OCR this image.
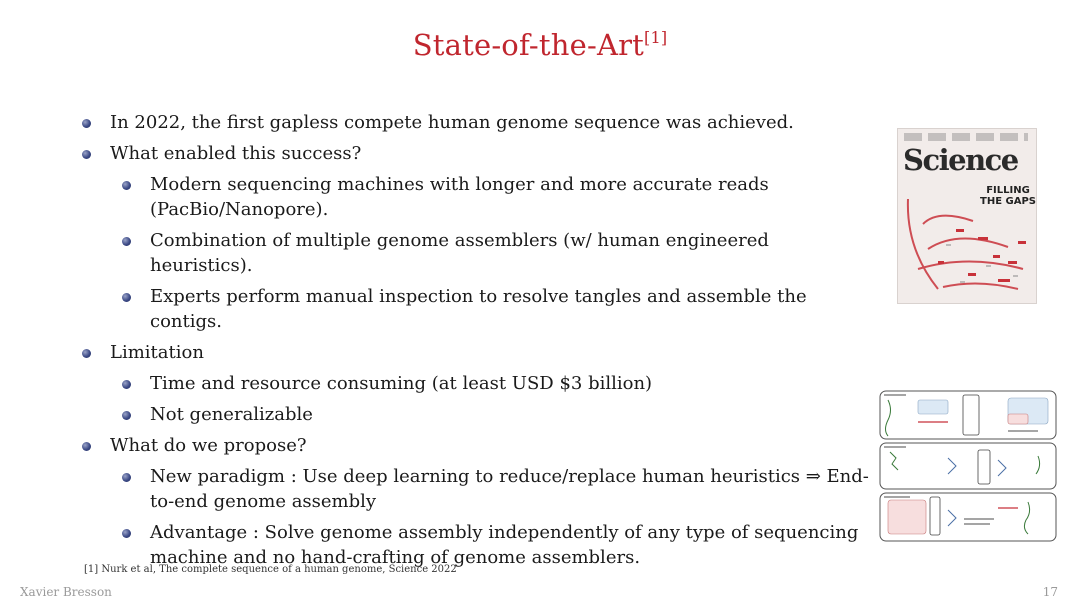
State-of-the-Art[1]
In 2022, the first gapless compete human genome sequence was achieved.
What enabled this success?
Modern sequencing machines with longer and more accurate reads (PacBio/Nanopore).
Combination of multiple genome assemblers (w/ human engineered heuristics).
Experts perform manual inspection to resolve tangles and assemble the contigs.
Limitation
Time and resource consuming (at least USD $3 billion)
Not generalizable
What do we propose?
New paradigm : Use deep learning to reduce/replace human heuristics ⇒ End-to-end genome assembly
Advantage : Solve genome assembly independently of any type of sequencing machine and no hand-crafting of genome assemblers.
Science
FILLING
THE GAPS
[1] Nurk et al, The complete sequence of a human genome, Science 2022
Xavier Bresson	17
